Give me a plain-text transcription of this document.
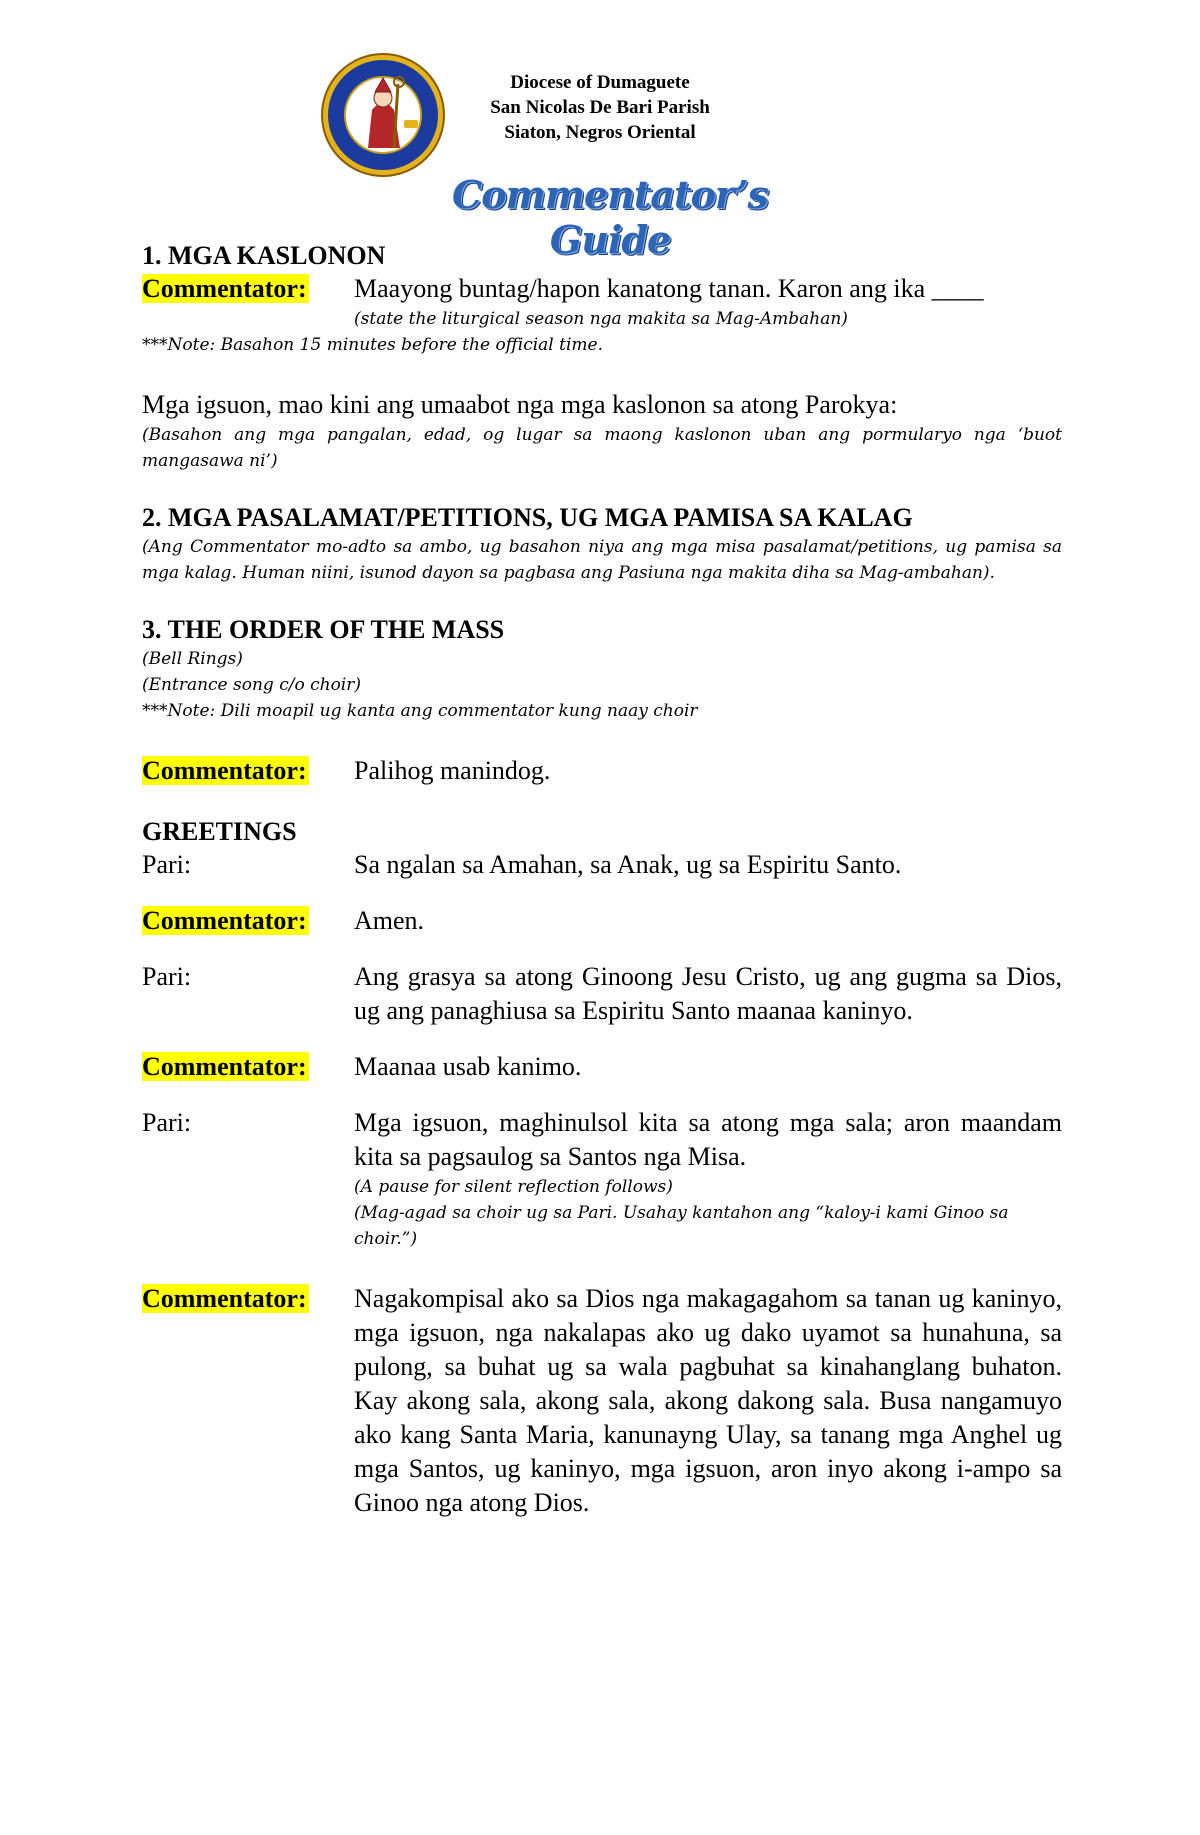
Diocese of Dumaguete
San Nicolas De Bari Parish
Siaton, Negros Oriental
Commentator’s Guide
1. MGA KASLONON
Commentator:	Maayong buntag/hapon kanatong tanan. Karon ang ika ____
(state the liturgical season nga makita sa Mag-Ambahan)
***Note: Basahon 15 minutes before the official time.
Mga igsuon, mao kini ang umaabot nga mga kaslonon sa atong Parokya:
(Basahon ang mga pangalan, edad, og lugar sa maong kaslonon uban ang pormularyo nga ‘buot mangasawa ni’)
2. MGA PASALAMAT/PETITIONS, UG MGA PAMISA SA KALAG
(Ang Commentator mo-adto sa ambo, ug basahon niya ang mga misa pasalamat/petitions, ug pamisa sa mga kalag. Human niini, isunod dayon sa pagbasa ang Pasiuna nga makita diha sa Mag-ambahan).
3. THE ORDER OF THE MASS
(Bell Rings)
(Entrance song c/o choir)
***Note: Dili moapil ug kanta ang commentator kung naay choir
Commentator:	Palihog manindog.
GREETINGS
Pari:	Sa ngalan sa Amahan, sa Anak, ug sa Espiritu Santo.
Commentator:	Amen.
Pari:	Ang grasya sa atong Ginoong Jesu Cristo, ug ang gugma sa Dios, ug ang panaghiusa sa Espiritu Santo maanaa kaninyo.
Commentator:	Maanaa usab kanimo.
Pari:	Mga igsuon, maghinulsol kita sa atong mga sala; aron maandam kita sa pagsaulog sa Santos nga Misa.
(A pause for silent reflection follows)
(Mag-agad sa choir ug sa Pari. Usahay kantahon ang “kaloy-i kami Ginoo sa choir.”)
Commentator:	Nagakompisal ako sa Dios nga makagagahom sa tanan ug kaninyo, mga igsuon, nga nakalapas ako ug dako uyamot sa hunahuna, sa pulong, sa buhat ug sa wala pagbuhat sa kinahanglang buhaton. Kay akong sala, akong sala, akong dakong sala. Busa nangamuyo ako kang Santa Maria, kanunayng Ulay, sa tanang mga Anghel ug mga Santos, ug kaninyo, mga igsuon, aron inyo akong i-ampo sa Ginoo nga atong Dios.
